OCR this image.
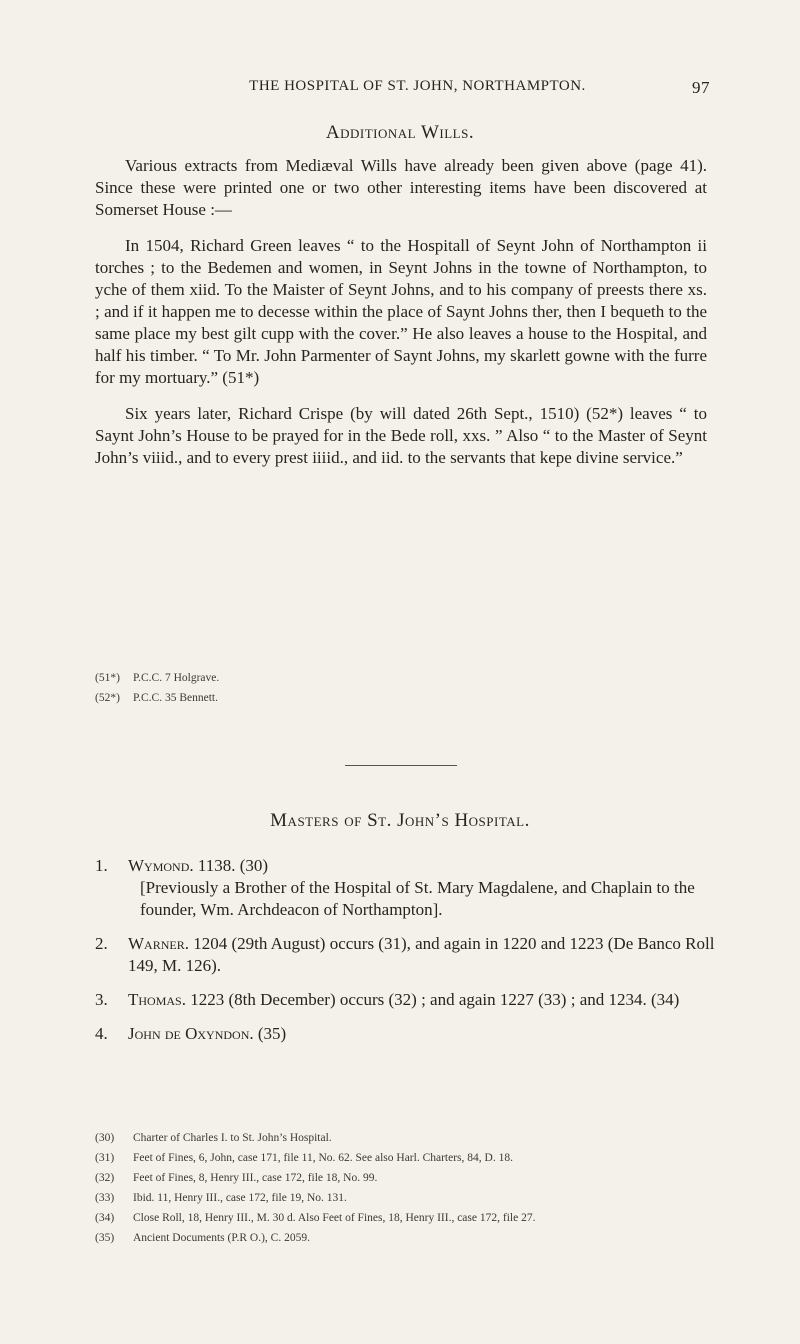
THE HOSPITAL OF ST. JOHN, NORTHAMPTON.	97
Additional Wills.

Various extracts from Mediæval Wills have already been given above (page 41). Since these were printed one or two other interesting items have been discovered at Somerset House :—

In 1504, Richard Green leaves “ to the Hospitall of Seynt John of Northampton ii torches ; to the Bedemen and women, in Seynt Johns in the towne of Northampton, to yche of them xiid. To the Maister of Seynt Johns, and to his company of preests there xs. ; and if it happen me to decesse within the place of Saynt Johns ther, then I bequeth to the same place my best gilt cupp with the cover.” He also leaves a house to the Hospital, and half his timber. “ To Mr. John Parmenter of Saynt Johns, my skarlett gowne with the furre for my mortuary.” (51*)

Six years later, Richard Crispe (by will dated 26th Sept., 1510) (52*) leaves “ to Saynt John’s House to be prayed for in the Bede roll, xxs. ” Also “ to the Master of Seynt John’s viiid., and to every prest iiiid., and iid. to the servants that kepe divine service.”

(51*) P.C.C. 7 Holgrave.
(52*) P.C.C. 35 Bennett.
Masters of St. John’s Hospital.
1. Wymond. 1138. (30)
[Previously a Brother of the Hospital of St. Mary Magdalene, and Chaplain to the founder, Wm. Archdeacon of Northampton].
2. Warner. 1204 (29th August) occurs (31), and again in 1220 and 1223 (De Banco Roll 149, M. 126).
3. Thomas. 1223 (8th December) occurs (32) ; and again 1227 (33) ; and 1234. (34)
4. John de Oxyndon. (35)
(30) Charter of Charles I. to St. John’s Hospital.
(31) Feet of Fines, 6, John, case 171, file 11, No. 62. See also Harl. Charters, 84, D. 18.
(32) Feet of Fines, 8, Henry III., case 172, file 18, No. 99.
(33) Ibid. 11, Henry III., case 172, file 19, No. 131.
(34) Close Roll, 18, Henry III., M. 30 d. Also Feet of Fines, 18, Henry III., case 172, file 27.
(35) Ancient Documents (P.R O.), C. 2059.
